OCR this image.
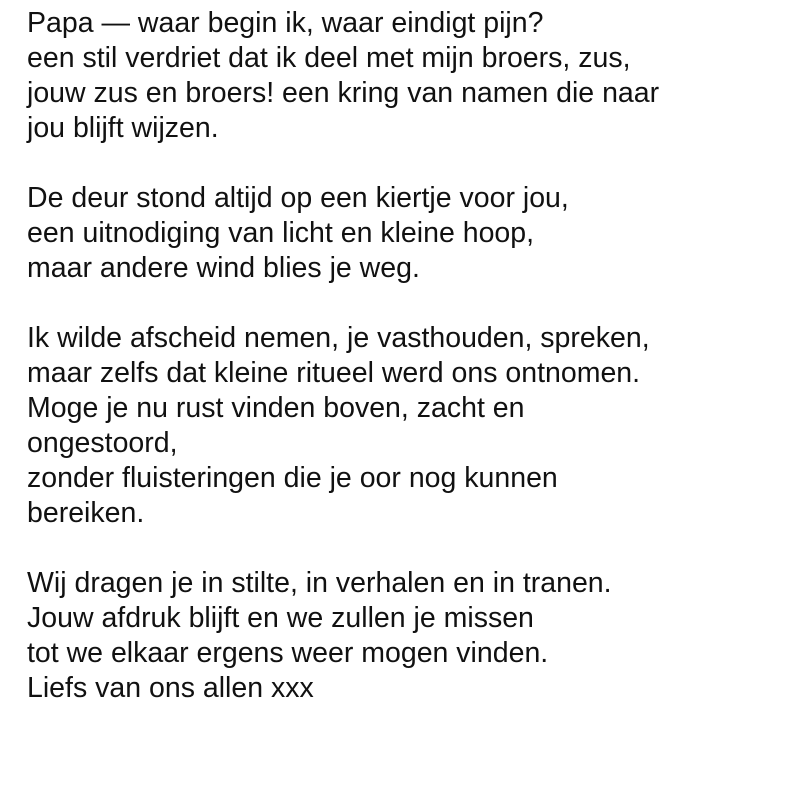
Papa — waar begin ik, waar eindigt pijn?
een stil verdriet dat ik deel met mijn broers, zus,
jouw zus en broers! een kring van namen die naar
jou blijft wijzen.
De deur stond altijd op een kiertje voor jou,
een uitnodiging van licht en kleine hoop,
maar andere wind blies je weg.
Ik wilde afscheid nemen, je vasthouden, spreken,
maar zelfs dat kleine ritueel werd ons ontnomen.
Moge je nu rust vinden boven, zacht en
ongestoord,
zonder fluisteringen die je oor nog kunnen
bereiken.
Wij dragen je in stilte, in verhalen en in tranen.
Jouw afdruk blijft en we zullen je missen
tot we elkaar ergens weer mogen vinden.
Liefs van ons allen xxx
